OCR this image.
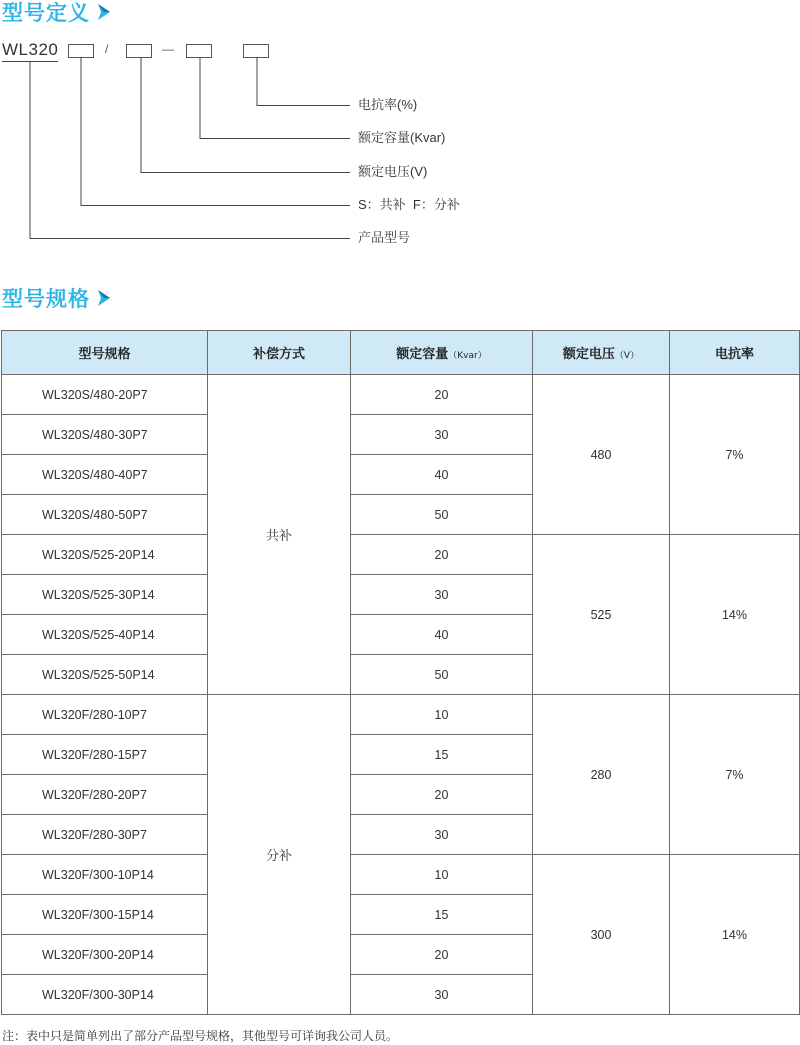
型号定义
WL320	/	—
电抗率(%)
额定容量(Kvar)
额定电压(V)
S：共补  F：分补
产品型号
型号规格
型号规格	补偿方式	额定容量（Kvar）	额定电压（V）	电抗率
WL320S/480-20P7	共补	20	480	7%
WL320S/480-30P7		30		
WL320S/480-40P7		40		
WL320S/480-50P7		50		
WL320S/525-20P14		20	525	14%
WL320S/525-30P14		30		
WL320S/525-40P14		40		
WL320S/525-50P14		50		
WL320F/280-10P7	分补	10	280	7%
WL320F/280-15P7		15		
WL320F/280-20P7		20		
WL320F/280-30P7		30		
WL320F/300-10P14		10	300	14%
WL320F/300-15P14		15		
WL320F/300-20P14		20		
WL320F/300-30P14		30		
注：表中只是简单列出了部分产品型号规格，其他型号可详询我公司人员。
